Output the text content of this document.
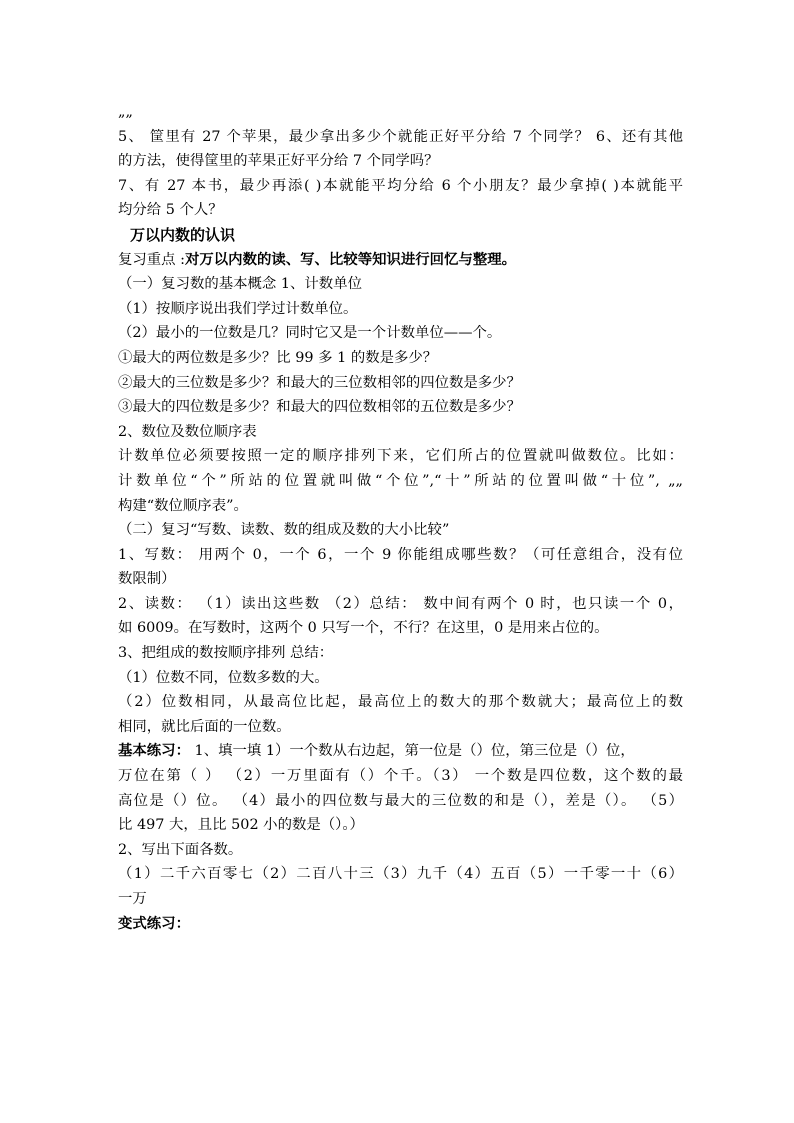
„„

5、 筐里有 27 个苹果，最少拿出多少个就能正好平分给 7 个同学？ 6、还有其他

的方法，使得筐里的苹果正好平分给 7 个同学吗？

7、有 27 本书，最少再添( )本就能平均分给 6 个小朋友？最少拿掉( )本就能平

均分给 5 个人？

万以内数的认识

复习重点 :对万以内数的读、写、比较等知识进行回忆与整理。

（一）复习数的基本概念 1、计数单位

（1）按顺序说出我们学过计数单位。

（2）最小的一位数是几？同时它又是一个计数单位——个。

①最大的两位数是多少？比 99 多 1 的数是多少？

②最大的三位数是多少？和最大的三位数相邻的四位数是多少？

③最大的四位数是多少？和最大的四位数相邻的五位数是多少？

2、数位及数位顺序表

计数单位必须要按照一定的顺序排列下来，它们所占的位置就叫做数位。比如：

计数单位“个”所站的位置就叫做“个位”,“十”所站的位置叫做“十位”, „„

构建“数位顺序表”。

（二）复习“写数、读数、数的组成及数的大小比较”

1、写数： 用两个 0，一个 6，一个 9 你能组成哪些数？（可任意组合，没有位

数限制）

2、读数： （1）读出这些数 （2）总结： 数中间有两个 0 时，也只读一个 0，

如 6009。在写数时，这两个 0 只写一个，不行？在这里，0 是用来占位的。

3、把组成的数按顺序排列 总结：

（1）位数不同，位数多数的大。

（2）位数相同，从最高位比起，最高位上的数大的那个数就大；最高位上的数

相同，就比后面的一位数。

基本练习： 1、填一填 1）一个数从右边起，第一位是（）位，第三位是（）位，

万位在第（ ） （2）一万里面有（）个千。（3） 一个数是四位数，这个数的最

高位是（）位。 （4）最小的四位数与最大的三位数的和是（），差是（）。 （5）

比 497 大，且比 502 小的数是（）。）

2、写出下面各数。

（1）二千六百零七（2）二百八十三（3）九千（4）五百（5）一千零一十（6）

一万

变式练习：
